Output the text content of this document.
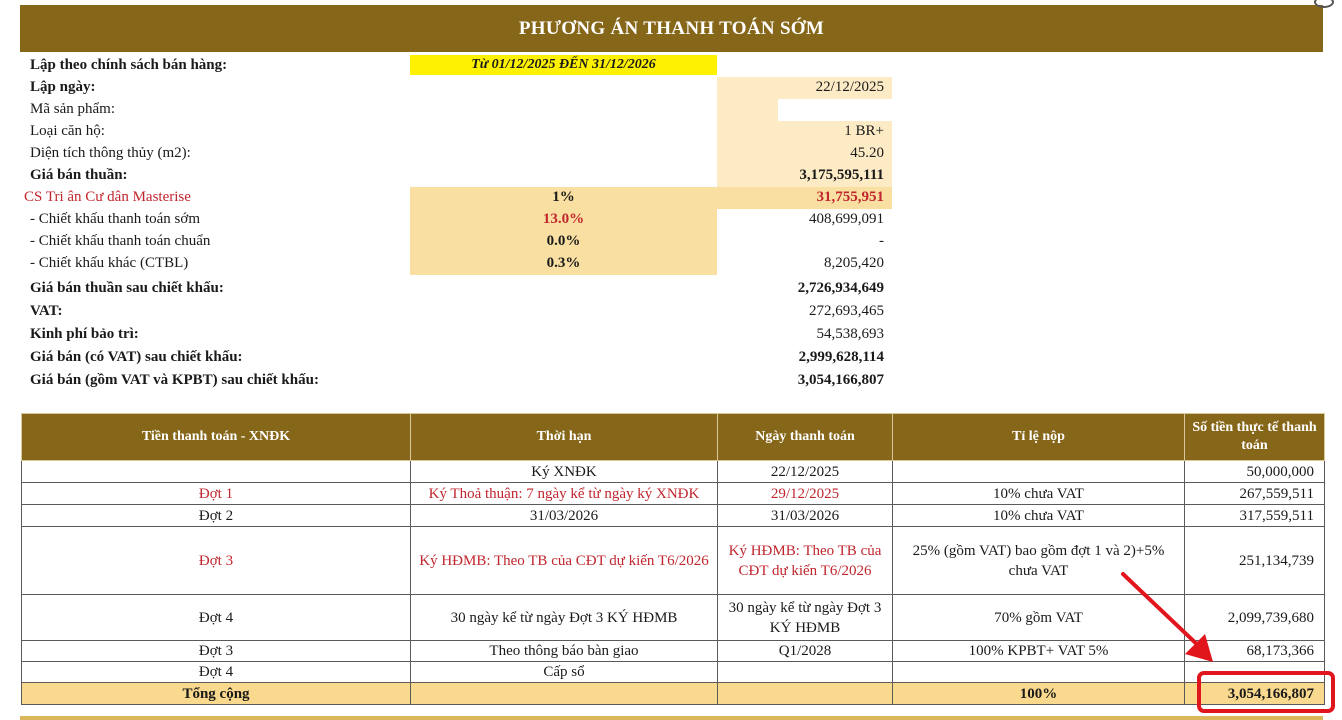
PHƯƠNG ÁN THANH TOÁN SỚM
Lập theo chính sách bán hàng:	Từ 01/12/2025 ĐẾN 31/12/2026
Lập ngày:	22/12/2025
Mã sản phẩm:
Loại căn hộ:	1 BR+
Diện tích thông thủy (m2):	45.20
Giá bán thuần:	3,175,595,111
CS Tri ân Cư dân Masterise	1%	31,755,951
- Chiết khấu thanh toán sớm	13.0%	408,699,091
- Chiết khấu thanh toán chuẩn	0.0%	-
- Chiết khấu khác (CTBL)	0.3%	8,205,420
Giá bán thuần sau chiết khấu:	2,726,934,649
VAT:	272,693,465
Kinh phí bảo trì:	54,538,693
Giá bán (có VAT) sau chiết khấu:	2,999,628,114
Giá bán (gồm VAT và KPBT) sau chiết khấu:	3,054,166,807
Tiền thanh toán - XNĐK	Thời hạn	Ngày thanh toán	Tỉ lệ nộp	Số tiền thực tế thanh toán
	Ký XNĐK	22/12/2025		50,000,000
Đợt 1	Ký Thoả thuận: 7 ngày kể từ ngày ký XNĐK	29/12/2025	10% chưa VAT	267,559,511
Đợt 2	31/03/2026	31/03/2026	10% chưa VAT	317,559,511
Đợt 3	Ký HĐMB: Theo TB của CĐT dự kiến T6/2026	Ký HĐMB: Theo TB của CĐT dự kiến T6/2026	25% (gồm VAT) bao gồm đợt 1 và 2)+5% chưa VAT	251,134,739
Đợt 4	30 ngày kể từ ngày Đợt 3 KÝ HĐMB	30 ngày kể từ ngày Đợt 3 KÝ HĐMB	70% gồm VAT	2,099,739,680
Đợt 3	Theo thông báo bàn giao	Q1/2028	100% KPBT+ VAT 5%	68,173,366
Đợt 4	Cấp sổ			
Tổng cộng			100%	3,054,166,807
